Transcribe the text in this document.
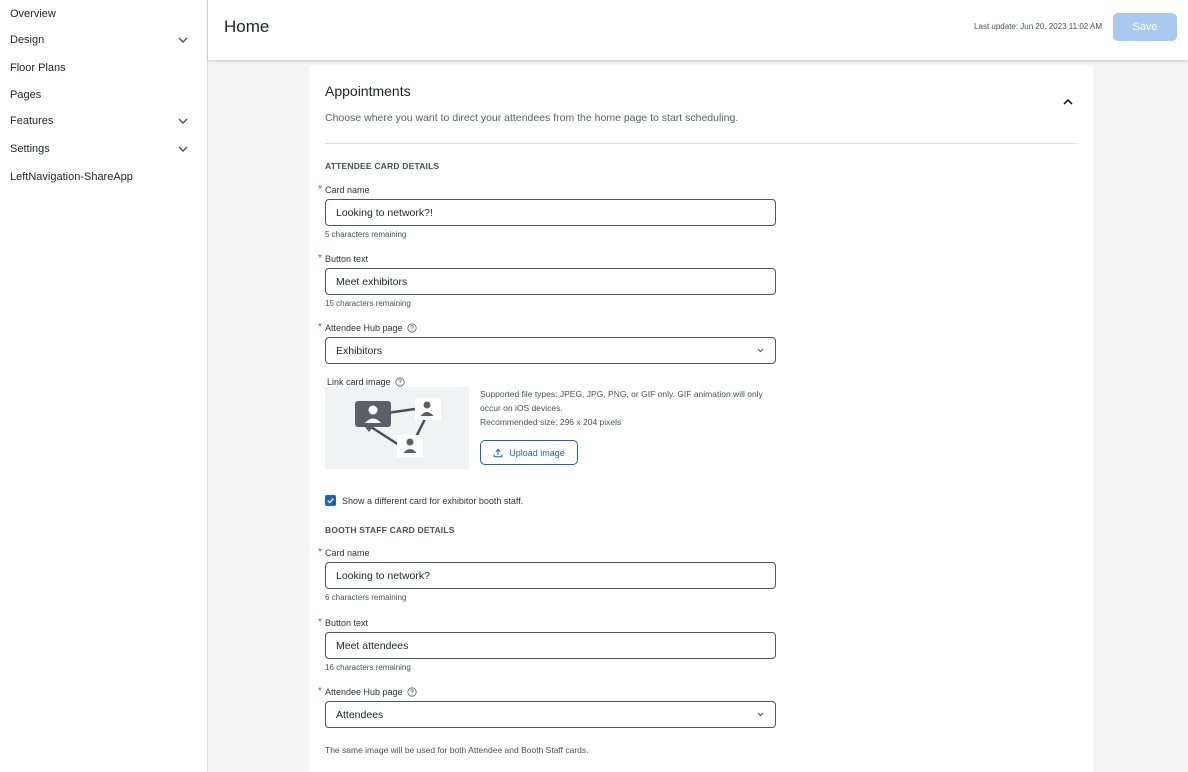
Overview
Design
Floor Plans
Pages
Features
Settings
LeftNavigation-ShareApp
Home	Last update: Jun 20, 2023 11:02 AM	Save
Appointments
Choose where you want to direct your attendees from the home page to start scheduling.
ATTENDEE CARD DETAILS
* Card name
Looking to network?!
5 characters remaining
* Button text
Meet exhibitors
15 characters remaining
* Attendee Hub page
Exhibitors
Link card image
Supported file types: JPEG, JPG, PNG, or GIF only. GIF animation will only occur on iOS devices.
Recommended size: 296 x 204 pixels
Upload image
Show a different card for exhibitor booth staff.
BOOTH STAFF CARD DETAILS
* Card name
Looking to network?
6 characters remaining
* Button text
Meet attendees
16 characters remaining
* Attendee Hub page
Attendees
The same image will be used for both Attendee and Booth Staff cards.
